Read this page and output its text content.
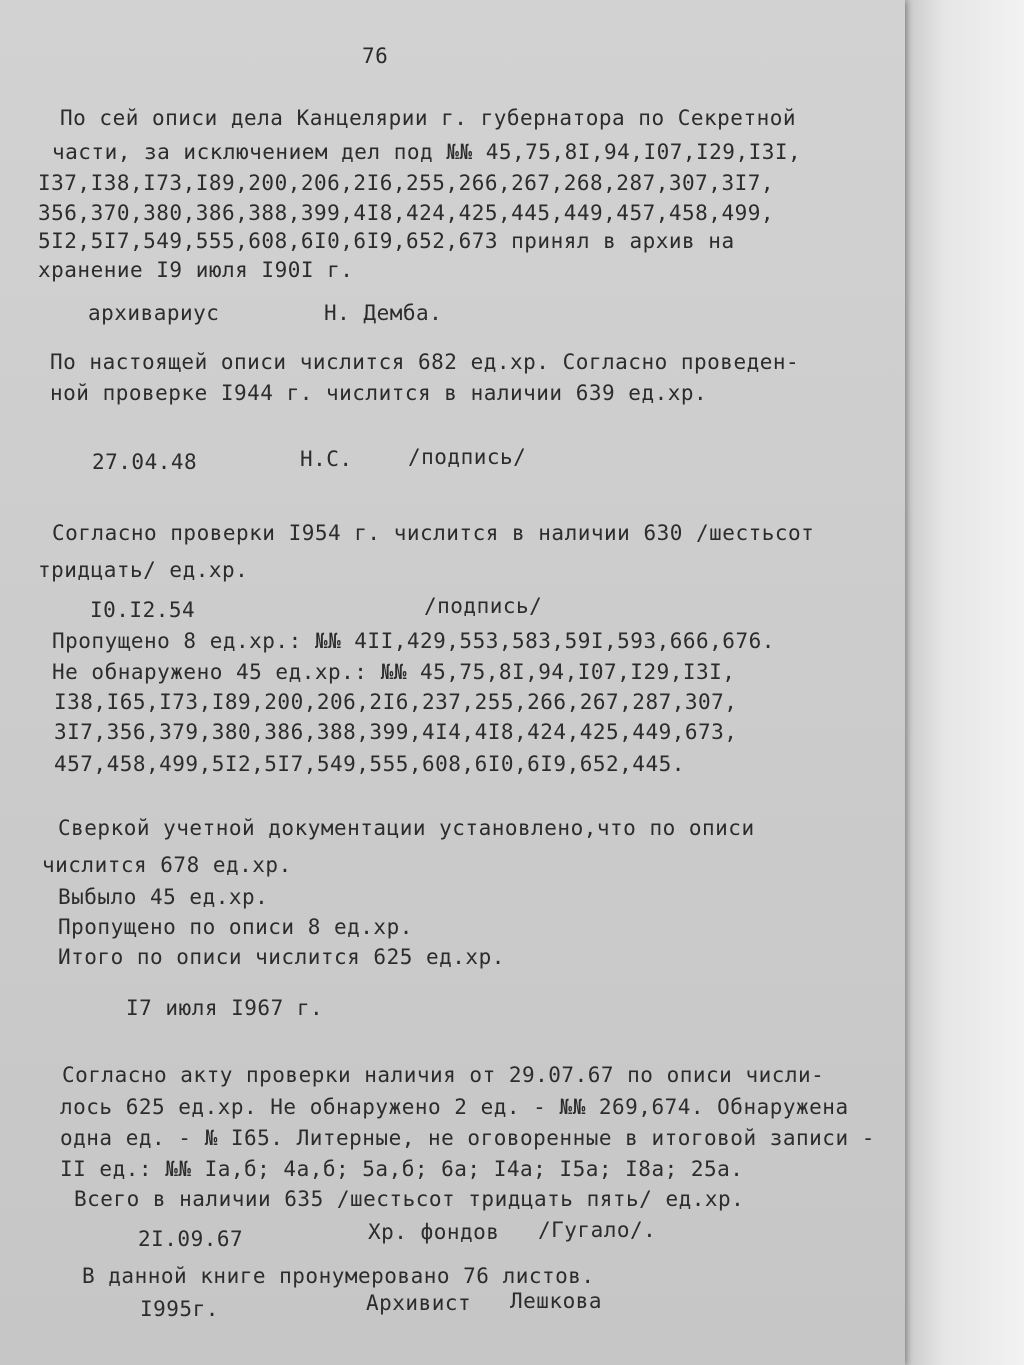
76
По сей описи дела Канцелярии г. губернатора по Секретной
части, за исключением дел под №№ 45,75,8I,94,I07,I29,I3I,
I37,I38,I73,I89,200,206,2I6,255,266,267,268,287,307,3I7,
356,370,380,386,388,399,4I8,424,425,445,449,457,458,499,
5I2,5I7,549,555,608,6I0,6I9,652,673 принял в архив на
хранение I9 июля I90I г.
архивариус	Н. Демба.
По настоящей описи числится 682 ед.хр. Согласно проведен-
ной проверке I944 г. числится в наличии 639 ед.хр.
27.04.48	Н.С.	/подпись/
Согласно проверки I954 г. числится в наличии 630 /шестьсот
тридцать/ ед.хр.
I0.I2.54	/подпись/
Пропущено 8 ед.хр.: №№ 4II,429,553,583,59I,593,666,676.
Не обнаружено 45 ед.хр.: №№ 45,75,8I,94,I07,I29,I3I,
I38,I65,I73,I89,200,206,2I6,237,255,266,267,287,307,
3I7,356,379,380,386,388,399,4I4,4I8,424,425,449,673,
457,458,499,5I2,5I7,549,555,608,6I0,6I9,652,445.
Сверкой учетной документации установлено,что по описи
числится 678 ед.хр.
Выбыло 45 ед.хр.
Пропущено по описи 8 ед.хр.
Итого по описи числится 625 ед.хр.
I7 июля I967 г.
Согласно акту проверки наличия от 29.07.67 по описи числи-
лось 625 ед.хр. Не обнаружено 2 ед. - №№ 269,674. Обнаружена
одна ед. - № I65. Литерные, не оговоренные в итоговой записи -
II ед.: №№ Iа,б; 4а,б; 5а,б; 6а; I4а; I5а; I8а; 25а.
Всего в наличии 635 /шестьсот тридцать пять/ ед.хр.
2I.09.67	Хр. фондов /Гугало/.
В данной книге пронумеровано 76 листов.
I995г.	Архивист Лешкова
